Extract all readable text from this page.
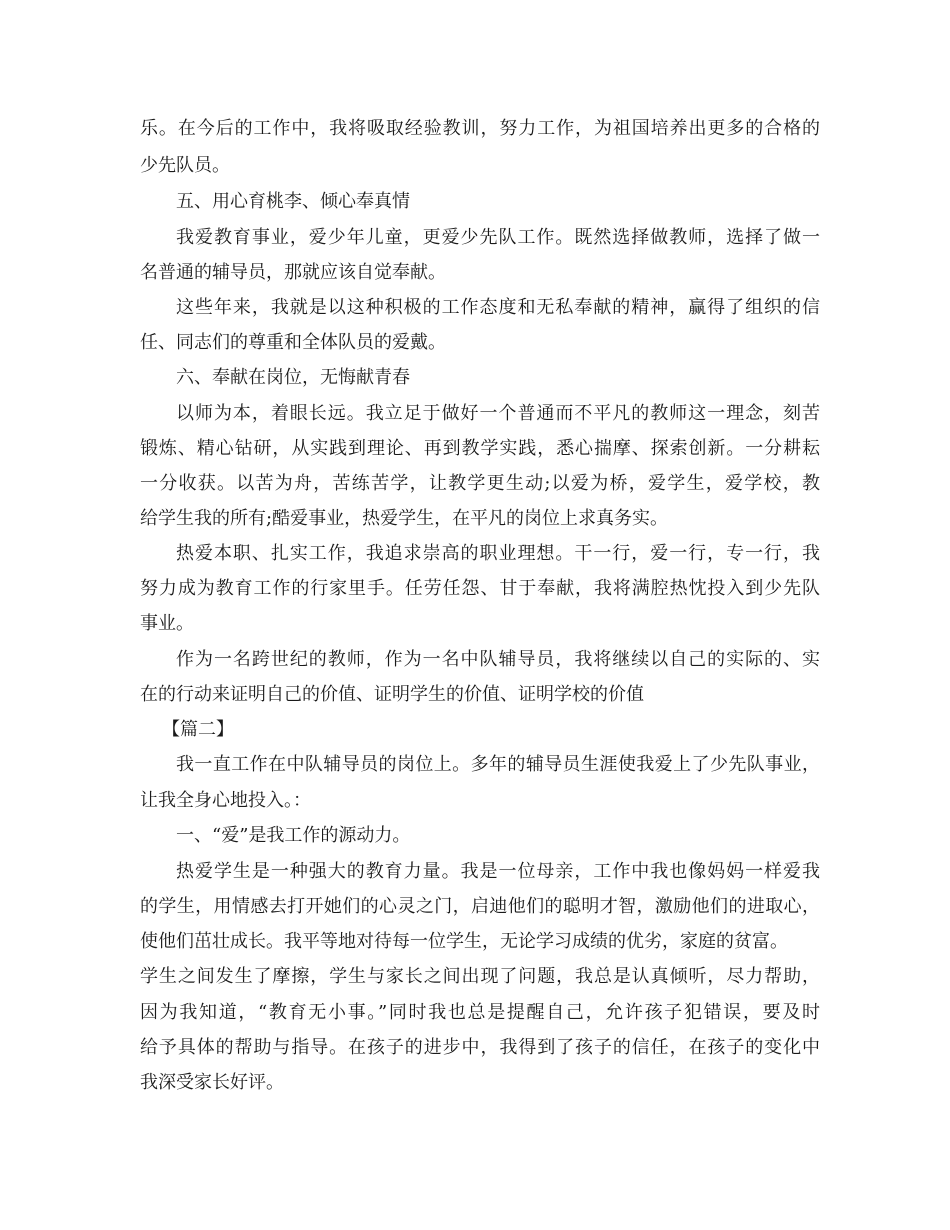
乐。在今后的工作中，我将吸取经验教训，努力工作，为祖国培养出更多的合格的
少先队员。
五、用心育桃李、倾心奉真情
我爱教育事业，爱少年儿童，更爱少先队工作。既然选择做教师，选择了做一
名普通的辅导员，那就应该自觉奉献。
这些年来，我就是以这种积极的工作态度和无私奉献的精神，赢得了组织的信
任、同志们的尊重和全体队员的爱戴。
六、奉献在岗位，无悔献青春
以师为本，着眼长远。我立足于做好一个普通而不平凡的教师这一理念，刻苦
锻炼、精心钻研，从实践到理论、再到教学实践，悉心揣摩、探索创新。一分耕耘
一分收获。以苦为舟，苦练苦学，让教学更生动;以爱为桥，爱学生，爱学校，教
给学生我的所有;酷爱事业，热爱学生，在平凡的岗位上求真务实。
热爱本职、扎实工作，我追求崇高的职业理想。干一行，爱一行，专一行，我
努力成为教育工作的行家里手。任劳任怨、甘于奉献，我将满腔热忱投入到少先队
事业。
作为一名跨世纪的教师，作为一名中队辅导员，我将继续以自己的实际的、实
在的行动来证明自己的价值、证明学生的价值、证明学校的价值
【篇二】
我一直工作在中队辅导员的岗位上。多年的辅导员生涯使我爱上了少先队事业，
让我全身心地投入。：
一、“爱”是我工作的源动力。
热爱学生是一种强大的教育力量。我是一位母亲，工作中我也像妈妈一样爱我
的学生，用情感去打开她们的心灵之门，启迪他们的聪明才智，激励他们的进取心，
使他们茁壮成长。我平等地对待每一位学生，无论学习成绩的优劣，家庭的贫富。
学生之间发生了摩擦，学生与家长之间出现了问题，我总是认真倾听，尽力帮助，
因为我知道，“教育无小事。”同时我也总是提醒自己，允许孩子犯错误，要及时
给予具体的帮助与指导。在孩子的进步中，我得到了孩子的信任，在孩子的变化中
我深受家长好评。
